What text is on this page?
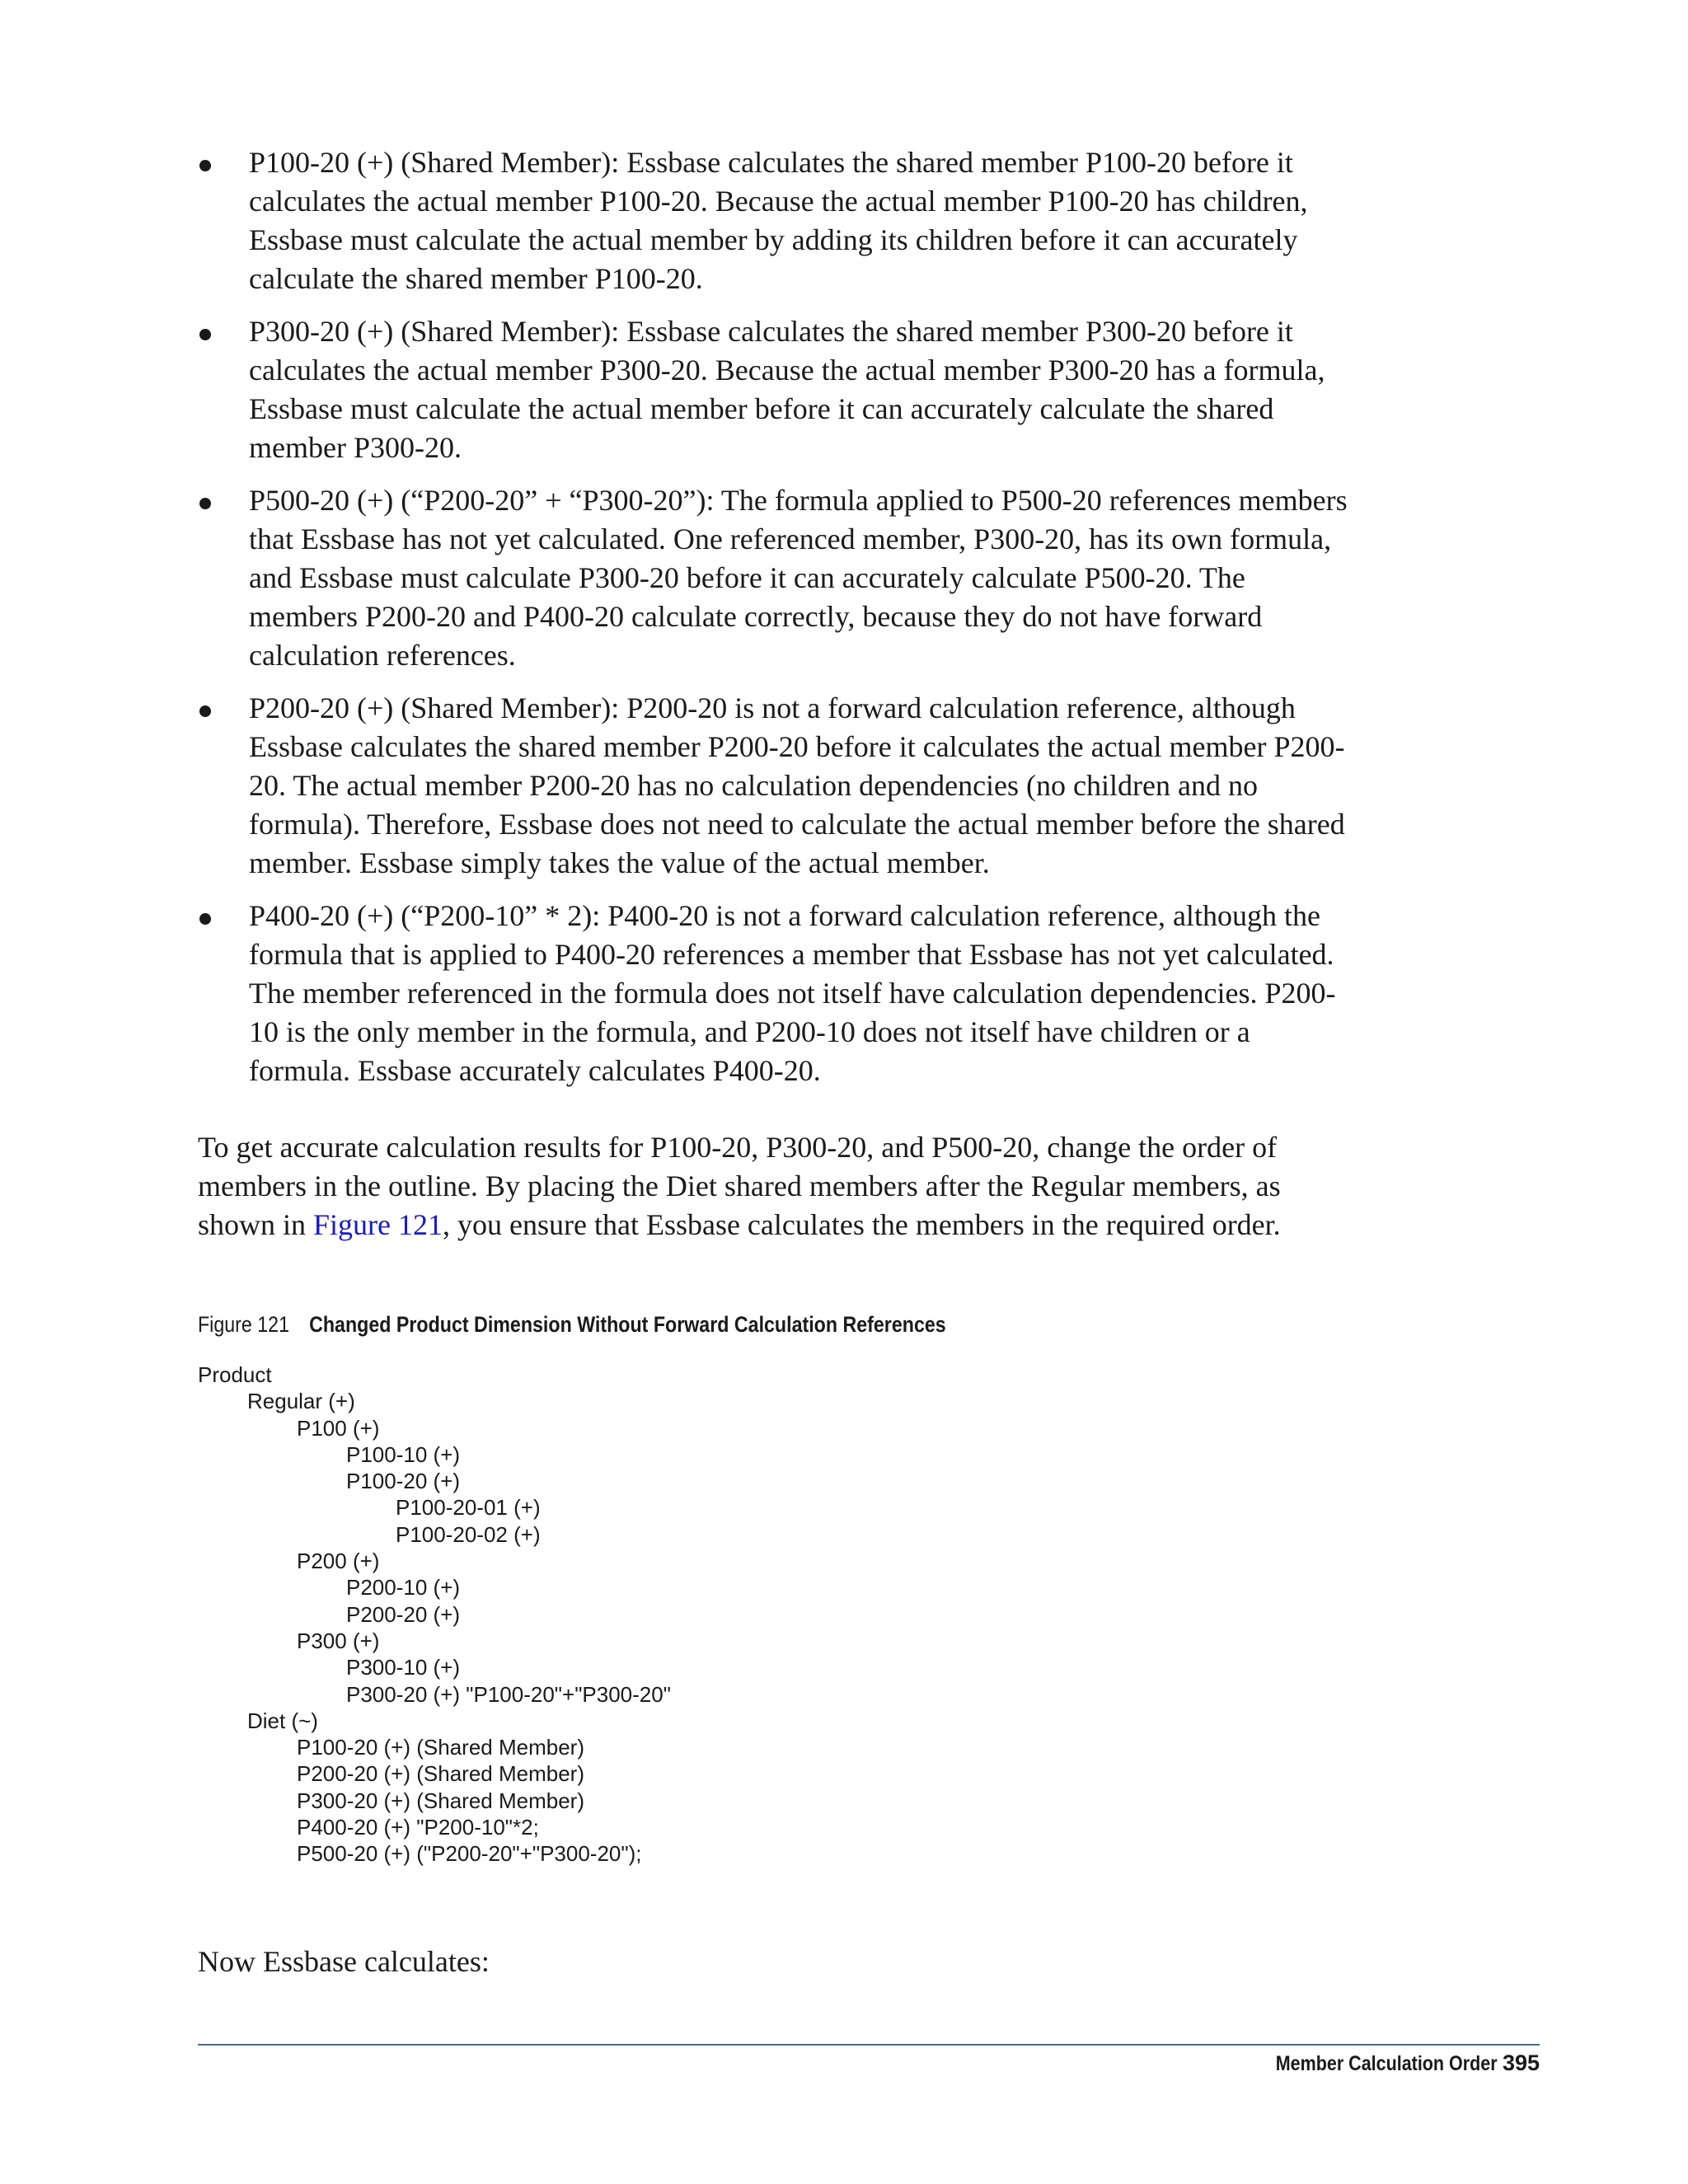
P100-20 (+) (Shared Member): Essbase calculates the shared member P100-20 before it calculates the actual member P100-20. Because the actual member P100-20 has children, Essbase must calculate the actual member by adding its children before it can accurately calculate the shared member P100-20.
P300-20 (+) (Shared Member): Essbase calculates the shared member P300-20 before it calculates the actual member P300-20. Because the actual member P300-20 has a formula, Essbase must calculate the actual member before it can accurately calculate the shared member P300-20.
P500-20 (+) (“P200-20” + “P300-20”): The formula applied to P500-20 references members that Essbase has not yet calculated. One referenced member, P300-20, has its own formula, and Essbase must calculate P300-20 before it can accurately calculate P500-20. The members P200-20 and P400-20 calculate correctly, because they do not have forward calculation references.
P200-20 (+) (Shared Member): P200-20 is not a forward calculation reference, although Essbase calculates the shared member P200-20 before it calculates the actual member P200-20. The actual member P200-20 has no calculation dependencies (no children and no formula). Therefore, Essbase does not need to calculate the actual member before the shared member. Essbase simply takes the value of the actual member.
P400-20 (+) (“P200-10” * 2): P400-20 is not a forward calculation reference, although the formula that is applied to P400-20 references a member that Essbase has not yet calculated. The member referenced in the formula does not itself have calculation dependencies. P200-10 is the only member in the formula, and P200-10 does not itself have children or a formula. Essbase accurately calculates P400-20.

To get accurate calculation results for P100-20, P300-20, and P500-20, change the order of members in the outline. By placing the Diet shared members after the Regular members, as shown in Figure 121, you ensure that Essbase calculates the members in the required order.

Figure 121 Changed Product Dimension Without Forward Calculation References
Product
Regular (+)
P100 (+)
P100-10 (+)
P100-20 (+)
P100-20-01 (+)
P100-20-02 (+)
P200 (+)
P200-10 (+)
P200-20 (+)
P300 (+)
P300-10 (+)
P300-20 (+) "P100-20"+"P300-20"
Diet (~)
P100-20 (+) (Shared Member)
P200-20 (+) (Shared Member)
P300-20 (+) (Shared Member)
P400-20 (+) "P200-10"*2;
P500-20 (+) ("P200-20"+"P300-20");

Now Essbase calculates:

Member Calculation Order 395
